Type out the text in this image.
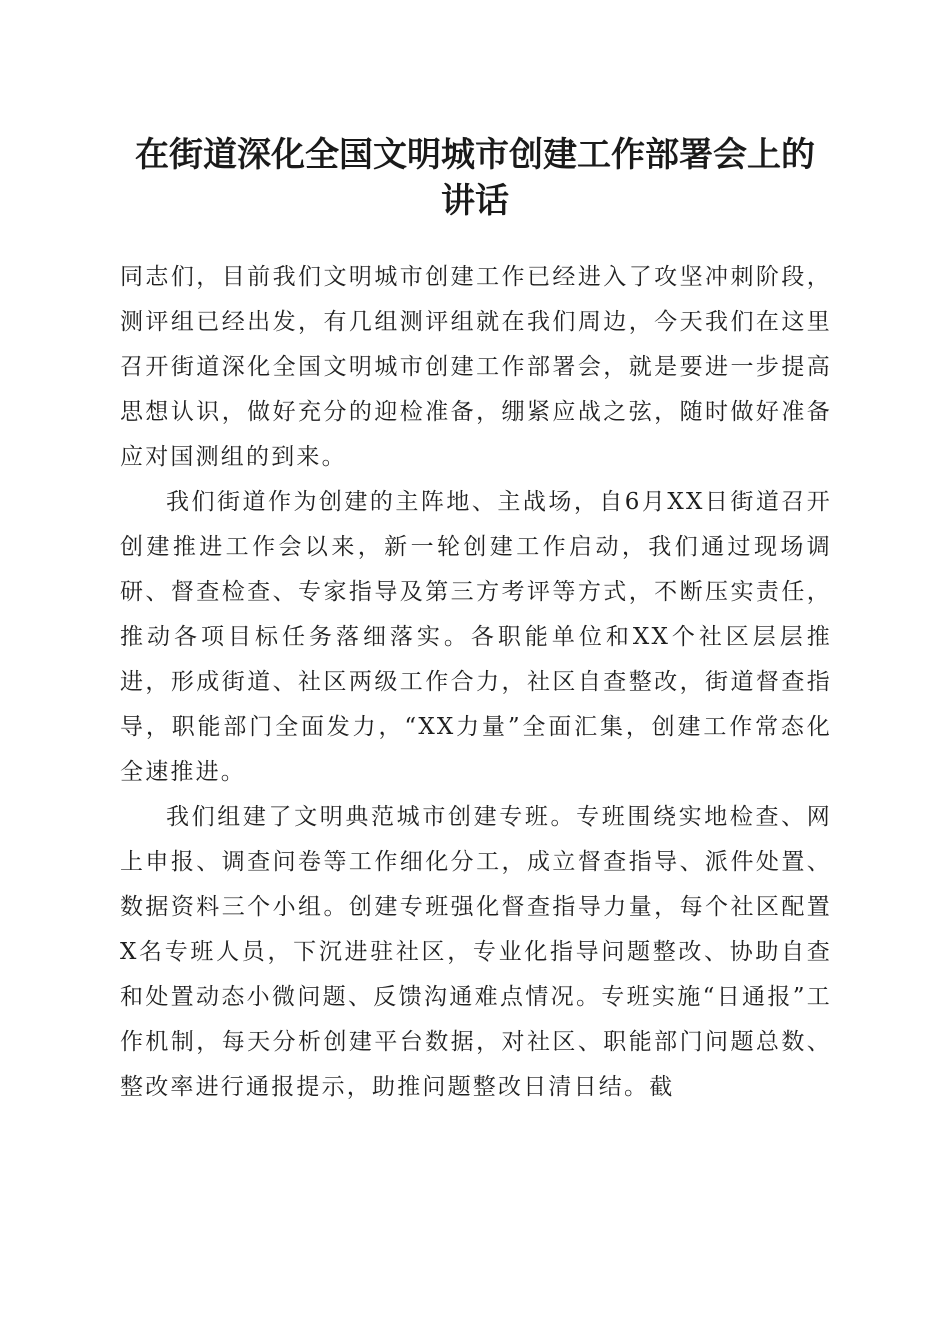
在街道深化全国文明城市创建工作部署会上的
讲话

同志们，目前我们文明城市创建工作已经进入了攻坚冲刺阶段，测评组已经出发，有几组测评组就在我们周边，今天我们在这里召开街道深化全国文明城市创建工作部署会，就是要进一步提高思想认识，做好充分的迎检准备，绷紧应战之弦，随时做好准备应对国测组的到来。

我们街道作为创建的主阵地、主战场，自6月XX日街道召开创建推进工作会以来，新一轮创建工作启动，我们通过现场调研、督查检查、专家指导及第三方考评等方式，不断压实责任，推动各项目标任务落细落实。各职能单位和XX个社区层层推进，形成街道、社区两级工作合力，社区自查整改，街道督查指导，职能部门全面发力，“XX力量”全面汇集，创建工作常态化全速推进。

我们组建了文明典范城市创建专班。专班围绕实地检查、网上申报、调查问卷等工作细化分工，成立督查指导、派件处置、数据资料三个小组。创建专班强化督查指导力量，每个社区配置X名专班人员，下沉进驻社区，专业化指导问题整改、协助自查和处置动态小微问题、反馈沟通难点情况。专班实施“日通报”工作机制，每天分析创建平台数据，对社区、职能部门问题总数、整改率进行通报提示，助推问题整改日清日结。截
